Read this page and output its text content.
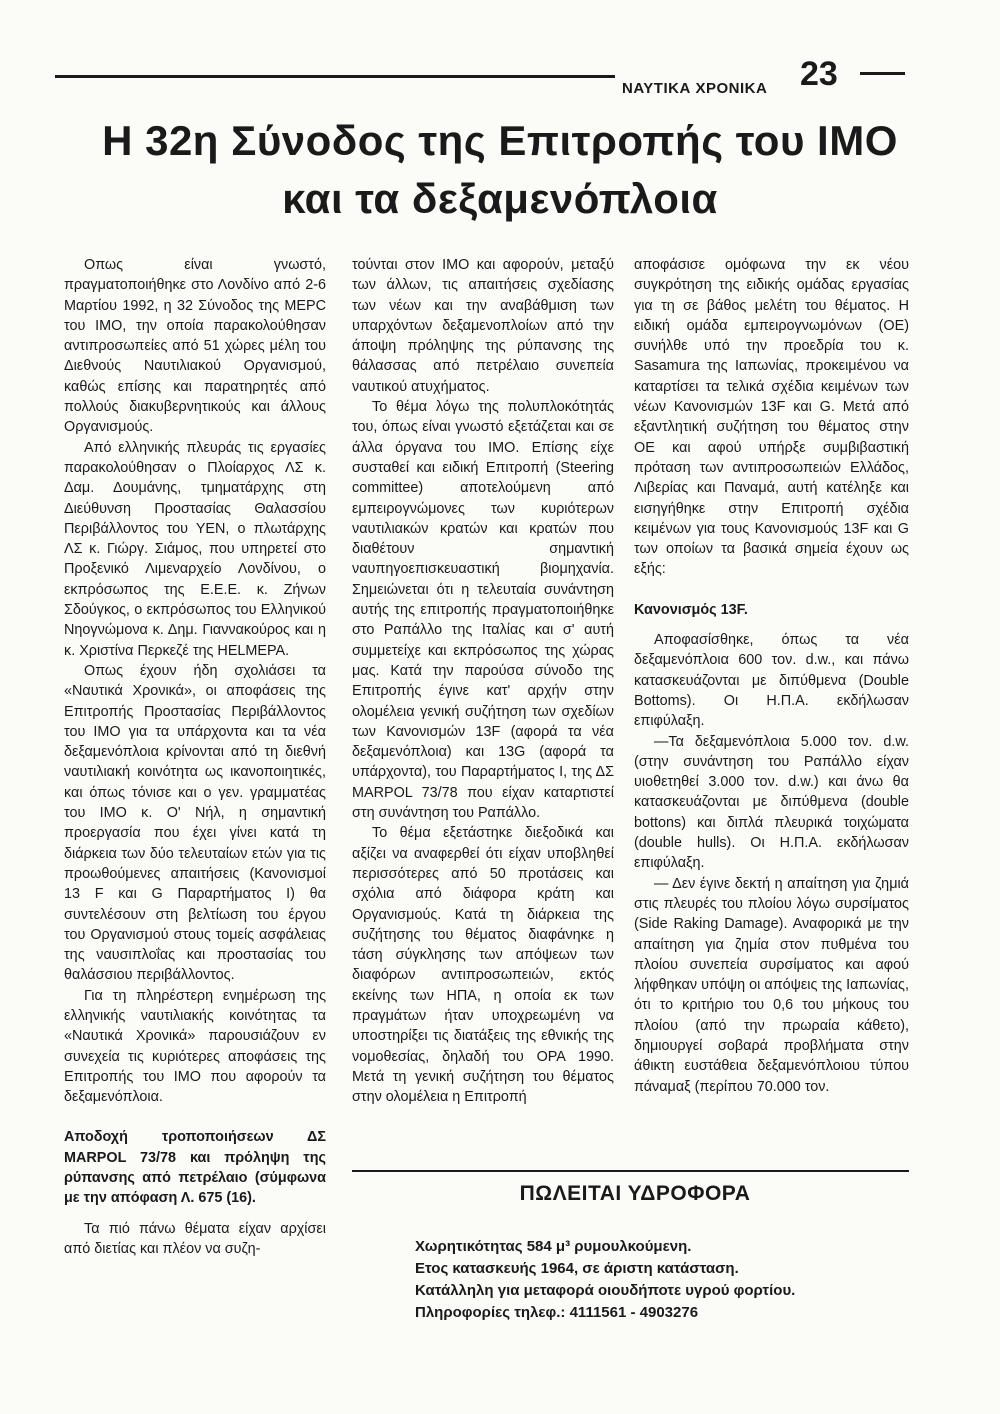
ΝΑΥΤΙΚΑ ΧΡΟΝΙΚΑ 23
Η 32η Σύνοδος της Επιτροπής του ΙΜΟ
και τα δεξαμενόπλοια

Οπως είναι γνωστό, πραγματοποιήθηκε στο Λονδίνο από 2-6 Μαρτίου 1992, η 32 Σύνοδος της ΜΕPC του ΙΜΟ, την οποία παρακολούθησαν αντιπροσωπείες από 51 χώρες μέλη του Διεθνούς Ναυτιλιακού Οργανισμού, καθώς επίσης και παρατηρητές από πολλούς διακυβερνητικούς και άλλους Οργανισμούς.

Από ελληνικής πλευράς τις εργασίες παρακολούθησαν ο Πλοίαρχος ΛΣ κ. Δαμ. Δουμάνης, τμηματάρχης στη Διεύθυνση Προστασίας Θαλασσίου Περιβάλλοντος του ΥΕΝ, ο πλωτάρχης ΛΣ κ. Γιώργ. Σιάμος, που υπηρετεί στο Προξενικό Λιμεναρχείο Λονδίνου, ο εκπρόσωπος της Ε.Ε.Ε. κ. Ζήνων Σδούγκος, ο εκπρόσωπος του Ελληνικού Νηογνώμονα κ. Δημ. Γιαννακούρος και η κ. Χριστίνα Περκεζέ της ΗΕLΜΕΡΑ.

Οπως έχουν ήδη σχολιάσει τα «Ναυτικά Χρονικά», οι αποφάσεις της Επιτροπής Προστασίας Περιβάλλοντος του ΙΜΟ για τα υπάρχοντα και τα νέα δεξαμενόπλοια κρίνονται από τη διεθνή ναυτιλιακή κοινότητα ως ικανοποιητικές, και όπως τόνισε και ο γεν. γραμματέας του ΙΜΟ κ. Ο' Νήλ, η σημαντική προεργασία που έχει γίνει κατά τη διάρκεια των δύο τελευταίων ετών για τις προωθούμενες απαιτήσεις (Κανονισμοί 13 F και G Παραρτήματος Ι) θα συντελέσουν στη βελτίωση του έργου του Οργανισμού στους τομείς ασφάλειας της ναυσιπλοΐας και προστασίας του θαλάσσιου περιβάλλοντος.

Για τη πληρέστερη ενημέρωση της ελληνικής ναυτιλιακής κοινότητας τα «Ναυτικά Χρονικά» παρουσιάζουν εν συνεχεία τις κυριότερες αποφάσεις της Επιτροπής του ΙΜΟ που αφορούν τα δεξαμενόπλοια.

Αποδοχή τροποποιήσεων ΔΣ MARPOL 73/78 και πρόληψη της ρύπανσης από πετρέλαιο (σύμφωνα με την απόφαση Λ. 675 (16).

Τα πιό πάνω θέματα είχαν αρχίσει από διετίας και πλέον να συζη-

τούνται στον ΙΜΟ και αφορούν, μεταξύ των άλλων, τις απαιτήσεις σχεδίασης των νέων και την αναβάθμιση των υπαρχόντων δεξαμενοπλοίων από την άποψη πρόληψης της ρύπανσης της θάλασσας από πετρέλαιο συνεπεία ναυτικού ατυχήματος.

Το θέμα λόγω της πολυπλοκότητάς του, όπως είναι γνωστό εξετάζεται και σε άλλα όργανα του ΙΜΟ. Επίσης είχε συσταθεί και ειδική Επιτροπή (Steering committee) αποτελούμενη από εμπειρογνώμονες των κυριότερων ναυτιλιακών κρατών και κρατών που διαθέτουν σημαντική ναυπηγοεπισκευαστική βιομηχανία. Σημειώνεται ότι η τελευταία συνάντηση αυτής της επιτροπής πραγματοποιήθηκε στο Ραπάλλο της Ιταλίας και σ' αυτή συμμετείχε και εκπρόσωπος της χώρας μας. Κατά την παρούσα σύνοδο της Επιτροπής έγινε κατ' αρχήν στην ολομέλεια γενική συζήτηση των σχεδίων των Κανονισμών 13F (αφορά τα νέα δεξαμενόπλοια) και 13G (αφορά τα υπάρχοντα), του Παραρτήματος Ι, της ΔΣ MARPOL 73/78 που είχαν καταρτιστεί στη συνάντηση του Ραπάλλο.

Το θέμα εξετάστηκε διεξοδικά και αξίζει να αναφερθεί ότι είχαν υποβληθεί περισσότερες από 50 προτάσεις και σχόλια από διάφορα κράτη και Οργανισμούς. Κατά τη διάρκεια της συζήτησης του θέματος διαφάνηκε η τάση σύγκλησης των απόψεων των διαφόρων αντιπροσωπειών, εκτός εκείνης των ΗΠΑ, η οποία εκ των πραγμάτων ήταν υποχρεωμένη να υποστηρίξει τις διατάξεις της εθνικής της νομοθεσίας, δηλαδή του ΟΡΑ 1990. Μετά τη γενική συζήτηση του θέματος στην ολομέλεια η Επιτροπή

αποφάσισε ομόφωνα την εκ νέου συγκρότηση της ειδικής ομάδας εργασίας για τη σε βάθος μελέτη του θέματος. Η ειδική ομάδα εμπειρογνωμόνων (ΟΕ) συνήλθε υπό την προεδρία του κ. Sasamura της Ιαπωνίας, προκειμένου να καταρτίσει τα τελικά σχέδια κειμένων των νέων Κανονισμών 13F και G. Μετά από εξαντλητική συζήτηση του θέματος στην ΟΕ και αφού υπήρξε συμβιβαστική πρόταση των αντιπροσωπειών Ελλάδος, Λιβερίας και Παναμά, αυτή κατέληξε και εισηγήθηκε στην Επιτροπή σχέδια κειμένων για τους Κανονισμούς 13F και G των οποίων τα βασικά σημεία έχουν ως εξής:

Κανονισμός 13F.

Αποφασίσθηκε, όπως τα νέα δεξαμενόπλοια 600 τον. d.w., και πάνω κατασκευάζονται με διπύθμενα (Double Bottoms). Οι Η.Π.Α. εκδήλωσαν επιφύλαξη.

—Τα δεξαμενόπλοια 5.000 τον. d.w. (στην συνάντηση του Ραπάλλο είχαν υιοθετηθεί 3.000 τον. d.w.) και άνω θα κατασκευάζονται με διπύθμενα (double bottons) και διπλά πλευρικά τοιχώματα (double hulls). Οι Η.Π.Α. εκδήλωσαν επιφύλαξη.

— Δεν έγινε δεκτή η απαίτηση για ζημιά στις πλευρές του πλοίου λόγω συρσίματος (Side Raking Damage). Αναφορικά με την απαίτηση για ζημία στον πυθμένα του πλοίου συνεπεία συρσίματος και αφού λήφθηκαν υπόψη οι απόψεις της Ιαπωνίας, ότι το κριτήριο του 0,6 του μήκους του πλοίου (από την πρωραία κάθετο), δημιουργεί σοβαρά προβλήματα στην άθικτη ευστάθεια δεξαμενόπλοιου τύπου πάναμαξ (περίπου 70.000 τον.

ΠΩΛΕΙΤΑΙ ΥΔΡΟΦΟΡΑ
Χωρητικότητας 584 μ³ ρυμουλκούμενη.
Ετος κατασκευής 1964, σε άριστη κατάσταση.
Κατάλληλη για μεταφορά οιουδήποτε υγρού φορτίου.
Πληροφορίες τηλεφ.: 4111561 - 4903276
